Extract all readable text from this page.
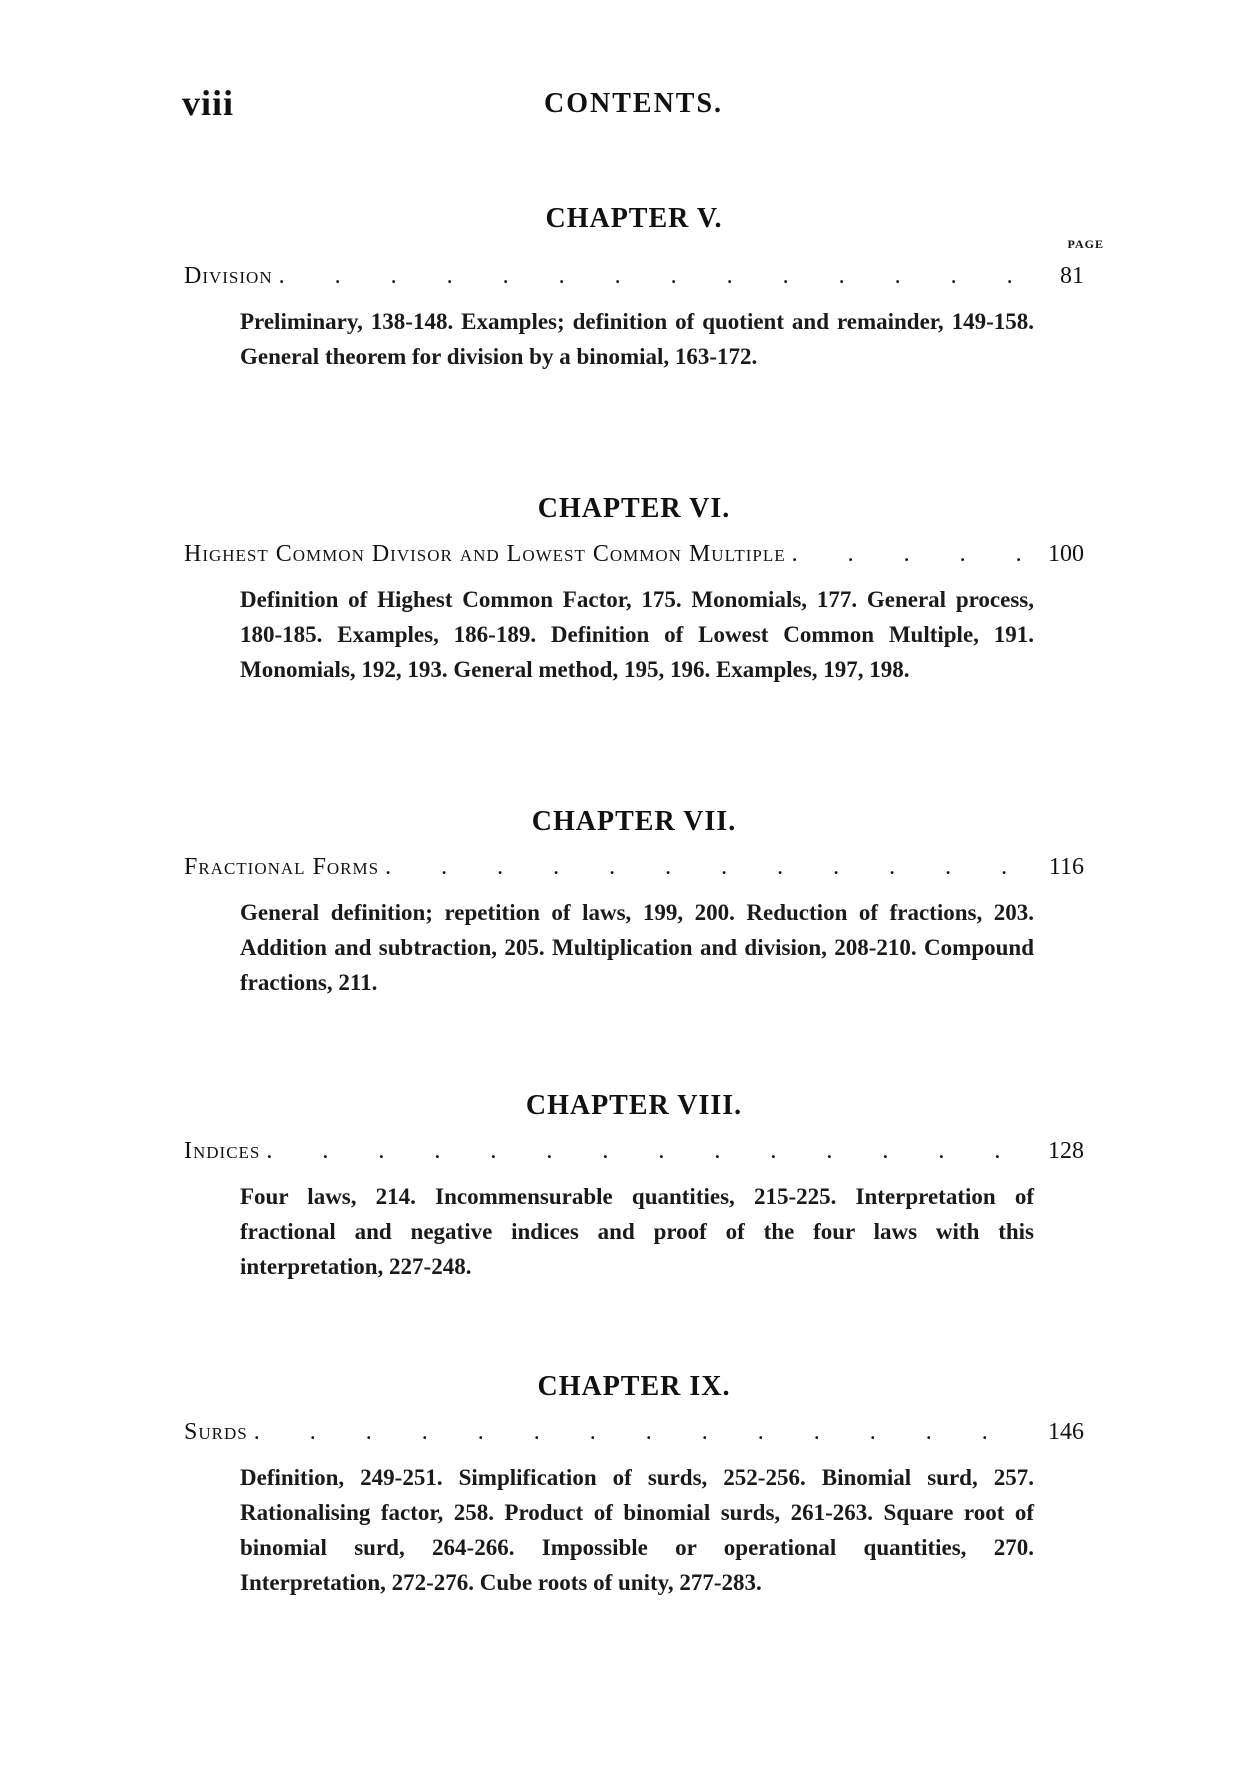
viii	CONTENTS.
CHAPTER V.
PAGE
Division . . .	81

Preliminary, 138-148. Examples; definition of quotient and remainder, 149-158. General theorem for division by a binomial, 163-172.

CHAPTER VI.
Highest Common Divisor and Lowest Common Multiple . . .	100

Definition of Highest Common Factor, 175. Monomials, 177. General process, 180-185. Examples, 186-189. Definition of Lowest Common Multiple, 191. Monomials, 192, 193. General method, 195, 196. Examples, 197, 198.

CHAPTER VII.
Fractional Forms . . .	116

General definition; repetition of laws, 199, 200. Reduction of fractions, 203. Addition and subtraction, 205. Multiplication and division, 208-210. Compound fractions, 211.

CHAPTER VIII.
Indices . . .	128

Four laws, 214. Incommensurable quantities, 215-225. Interpretation of fractional and negative indices and proof of the four laws with this interpretation, 227-248.

CHAPTER IX.
Surds . . .	146

Definition, 249-251. Simplification of surds, 252-256. Binomial surd, 257. Rationalising factor, 258. Product of binomial surds, 261-263. Square root of binomial surd, 264-266. Impossible or operational quantities, 270. Interpretation, 272-276. Cube roots of unity, 277-283.
